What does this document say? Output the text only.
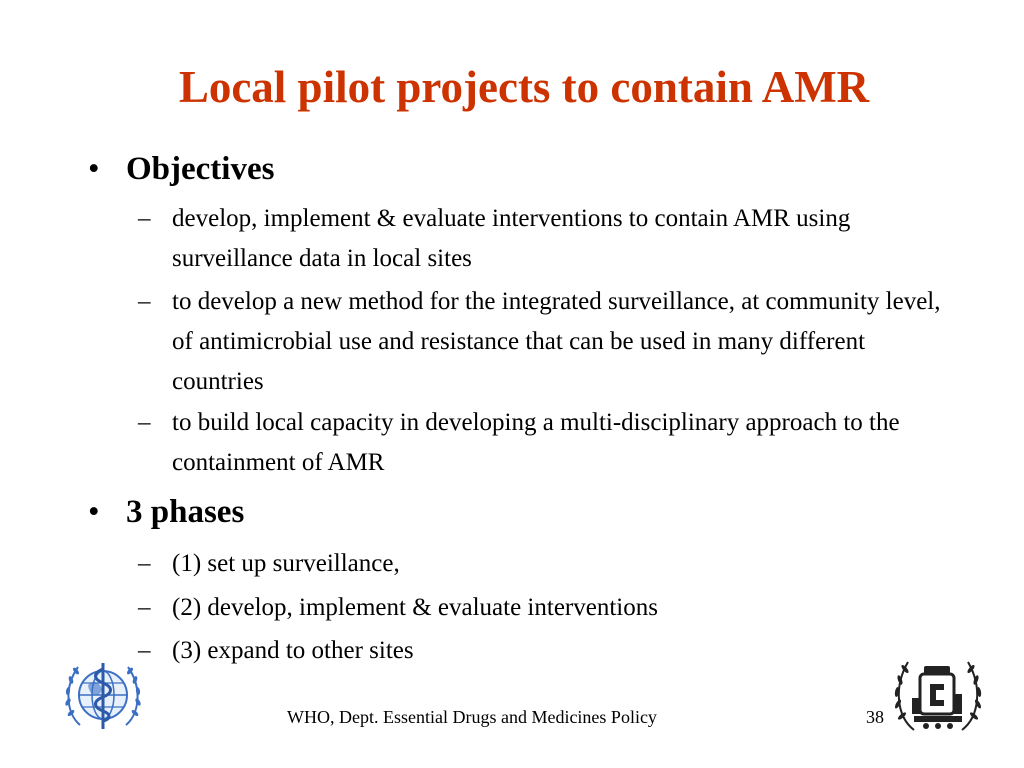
Local pilot projects to contain AMR
• Objectives
– develop, implement & evaluate interventions to contain AMR using surveillance data in local sites
– to develop a new method for the integrated surveillance, at community level, of antimicrobial use and resistance that can be used in many different countries
– to build local capacity in developing a multi-disciplinary approach to the containment of AMR
• 3 phases
– (1) set up surveillance,
– (2) develop, implement & evaluate interventions
– (3) expand to other sites
WHO, Dept. Essential Drugs and Medicines Policy	38
